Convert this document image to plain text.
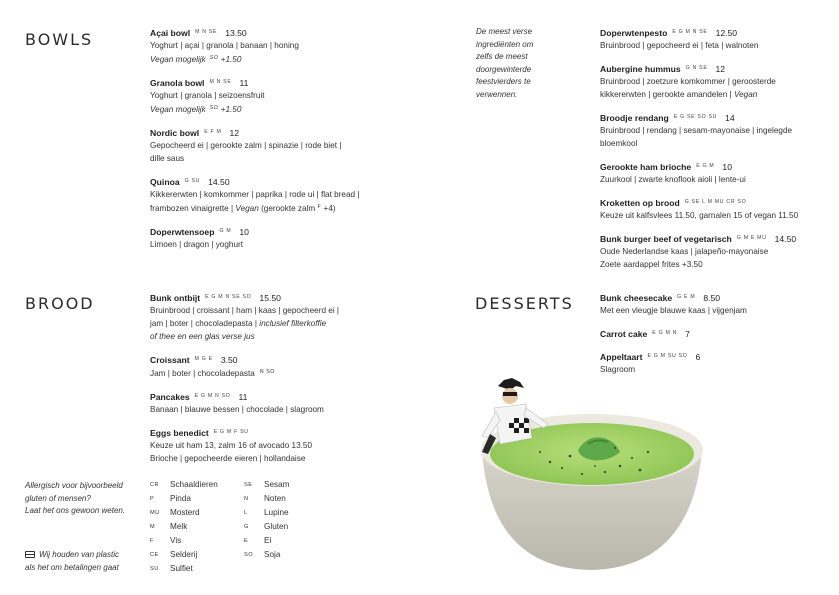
BOWLS
BROOD	DESSERTS
Açai bowl $^{M N SE}$ 13.50
Yoghurt | açai | granola | banaan | honing
Vegan mogelijk $^{SO}$ +1.50
Granola bowl $^{M N SE}$ 11
Yoghurt | granola | seizoensfruit
Vegan mogelijk $^{SO}$ +1.50
Nordic bowl $^{E F M}$ 12
Gepocheerd ei | gerookte zalm | spinazie | rode biet |
dille saus
Quinoa $^{G SU}$ 14.50
Kikkererwten | komkommer | paprika | rode ui | flat bread |
frambozen vinaigrette | Vegan (gerookte zalm $^F$ +4)
Doperwtensoep $^{G M}$ 10
Limoen | dragon | yoghurt
De meest verse
ingrediënten om
zelfs de meest
doorgewinterde
feestvierders te
verwennen.
Doperwtenpesto $^{E G M N SE}$ 12.50
Bruinbrood | gepocheerd ei | feta | walnoten
Aubergine hummus $^{G N SE}$ 12
Bruinbrood | zoetzure komkommer | geroosterde
kikkererwten | gerookte amandelen | Vegan
Broodje rendang $^{E G SE SO SU}$ 14
Bruinbrood | rendang | sesam-mayonaise | ingelegde
bloemkool
Gerookte ham brioche $^{E G M}$ 10
Zuurkool | zwarte knoflook aioli | lente-ui
Kroketten op brood $^{G SE L M MU CR SO}$
Keuze uit kalfsvlees 11.50, garnalen 15 of vegan 11.50
Bunk burger beef of vegetarisch $^{G M E MU}$ 14.50
Oude Nederlandse kaas | jalapeño-mayonaise
Zoete aardappel frites +3.50
Bunk ontbijt $^{E G M N SE SO}$ 15.50
Bruinbrood | croissant | ham | kaas | gepocheerd ei |
jam | boter | chocoladepasta | inclusief filterkoffie
of thee en een glas verse jus
Croissant $^{M G E}$ 3.50
Jam | boter | chocoladepasta $^{N SO}$
Pancakes $^{E G M N SO}$ 11
Banaan | blauwe bessen | chocolade | slagroom
Eggs benedict $^{E G M F SU}$
Keuze uit ham 13, zalm 16 of avocado 13.50
Brioche | gepocheerde eieren | hollandaise
Bunk cheesecake $^{G E M}$ 8.50
Met een vleugje blauwe kaas | vijgenjam
Carrot cake $^{E G M N}$ 7
Appeltaart $^{E G M SU SO}$ 6
Slagroom
Allergisch voor bijvoorbeeld
gluten of mensen?
Laat het ons gewoon weten.
Wij houden van plastic
als het om betalingen gaat
CR	Schaaldieren	SE	Sesam
P	Pinda	N	Noten
MU	Mosterd	L	Lupine
M	Melk	G	Gluten
F	Vis	E	Ei
CE	Selderij	SO	Soja
SU	Sulfiet
